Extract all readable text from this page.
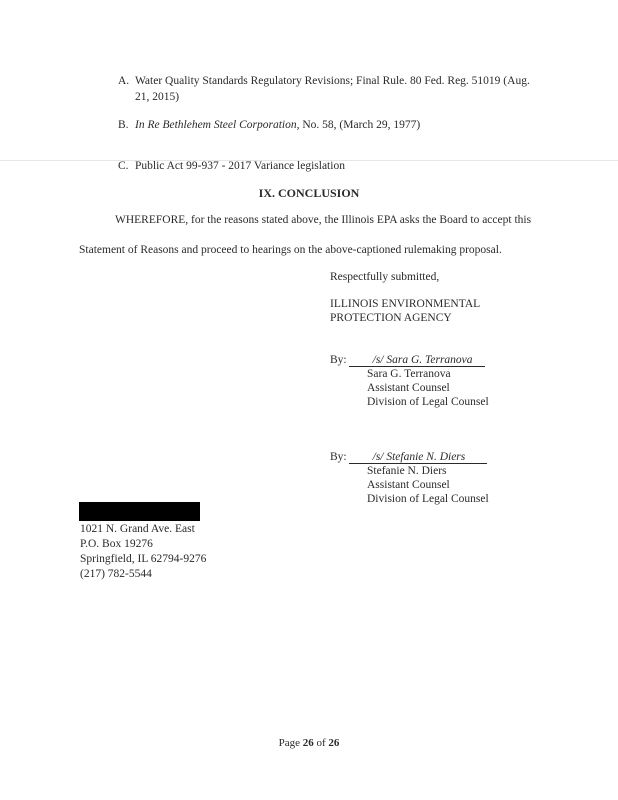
A. Water Quality Standards Regulatory Revisions; Final Rule. 80 Fed. Reg. 51019 (Aug.
21, 2015)
B. In Re Bethlehem Steel Corporation, No. 58, (March 29, 1977)
C. Public Act 99-937 - 2017 Variance legislation
IX. CONCLUSION
WHEREFORE, for the reasons stated above, the Illinois EPA asks the Board to accept this
Statement of Reasons and proceed to hearings on the above-captioned rulemaking proposal.
Respectfully submitted,
ILLINOIS ENVIRONMENTAL
PROTECTION AGENCY
By: /s/ Sara G. Terranova
Sara G. Terranova
Assistant Counsel
Division of Legal Counsel
By: /s/ Stefanie N. Diers
Stefanie N. Diers
Assistant Counsel
Division of Legal Counsel
1021 N. Grand Ave. East
P.O. Box 19276
Springfield, IL 62794-9276
(217) 782-5544
Page 26 of 26
